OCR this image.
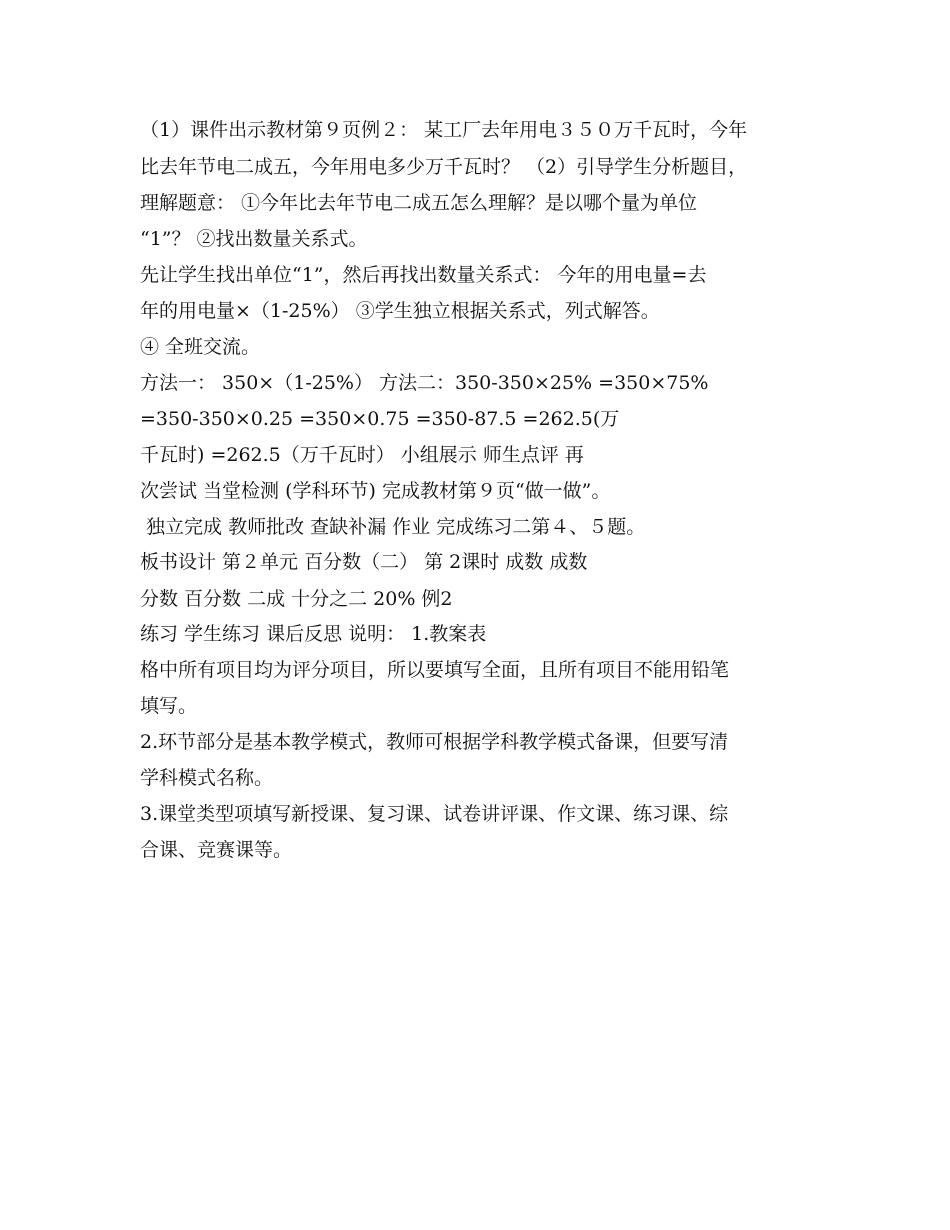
（1）课件出示教材第９页例２： 某工厂去年用电３５０万千瓦时，今年
比去年节电二成五，今年用电多少万千瓦时？ （2）引导学生分析题目，
理解题意： ①今年比去年节电二成五怎么理解？是以哪个量为单位
“1”？ ②找出数量关系式。
先让学生找出单位“1”，然后再找出数量关系式： 今年的用电量=去
年的用电量×（1-25%） ③学生独立根据关系式，列式解答。
④ 全班交流。
方法一： 350×（1-25%） 方法二：350-350×25% =350×75%
=350-350×0.25 =350×0.75 =350-87.5 =262.5(万
千瓦时) =262.5（万千瓦时） 小组展示 师生点评 再
次尝试 当堂检测 (学科环节) 完成教材第９页“做一做”。
独立完成 教师批改 查缺补漏 作业 完成练习二第４、５题。
板书设计 第２单元 百分数（二） 第 2课时 成数 成数
分数 百分数 二成 十分之二 20% 例2
练习 学生练习 课后反思 说明： 1.教案表
格中所有项目均为评分项目，所以要填写全面，且所有项目不能用铅笔
填写。
2.环节部分是基本教学模式，教师可根据学科教学模式备课，但要写清
学科模式名称。
3.课堂类型项填写新授课、复习课、试卷讲评课、作文课、练习课、综
合课、竞赛课等。
